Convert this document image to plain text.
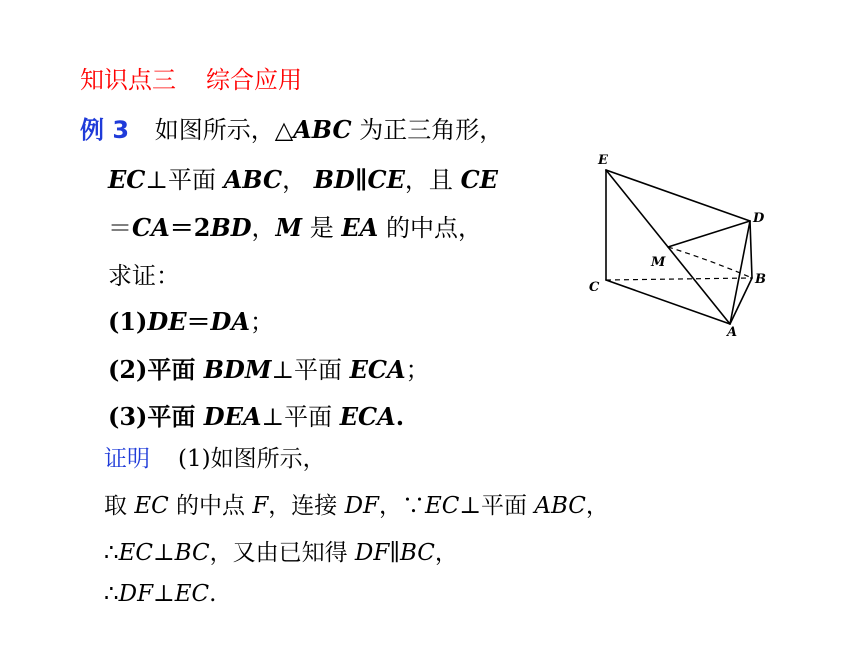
知识点三 综合应用
例 3 如图所示，△ABC 为正三角形，
EC⊥平面 ABC， BD∥CE，且 CE
＝CA＝2BD，M 是 EA 的中点，
求证：
(1)DE＝DA；
(2)平面 BDM⊥平面 ECA；
(3)平面 DEA⊥平面 ECA.
证明 (1)如图所示，
取 EC 的中点 F，连接 DF，∵EC⊥平面 ABC，
∴EC⊥BC，又由已知得 DF∥BC，
∴DF⊥EC.
E
D
M
B
C
A
